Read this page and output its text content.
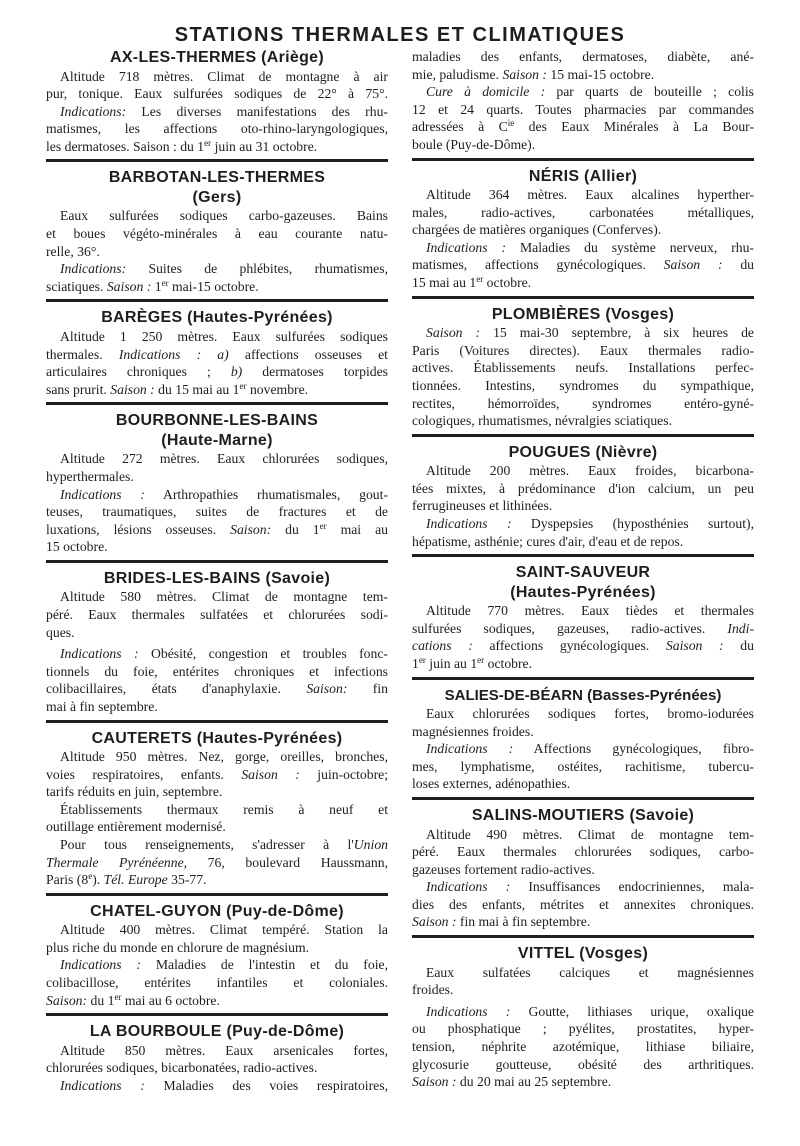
STATIONS THERMALES ET CLIMATIQUES
AX-LES-THERMES (Ariège)
Altitude 718 mètres. Climat de montagne à air
pur, tonique. Eaux sulfurées sodiques de 22° à 75°.
Indications: Les diverses manifestations des rhu-
matismes, les affections oto-rhino-laryngologiques,
les dermatoses. Saison : du 1er juin au 31 octobre.
BARBOTAN-LES-THERMES
(Gers)
Eaux sulfurées sodiques carbo-gazeuses. Bains
et boues végéto-minérales à eau courante natu-
relle, 36°.
Indications: Suites de phlébites, rhumatismes,
sciatiques. Saison : 1er mai-15 octobre.
BARÈGES (Hautes-Pyrénées)
Altitude 1 250 mètres. Eaux sulfurées sodiques
thermales. Indications : a) affections osseuses et
articulaires chroniques ; b) dermatoses torpides
sans prurit. Saison : du 15 mai au 1er novembre.
BOURBONNE-LES-BAINS
(Haute-Marne)
Altitude 272 mètres. Eaux chlorurées sodiques,
hyperthermales.
Indications : Arthropathies rhumatismales, gout-
teuses, traumatiques, suites de fractures et de
luxations, lésions osseuses. Saison: du 1er mai au
15 octobre.
BRIDES-LES-BAINS (Savoie)
Altitude 580 mètres. Climat de montagne tem-
péré. Eaux thermales sulfatées et chlorurées sodi-
ques.
Indications : Obésité, congestion et troubles fonc-
tionnels du foie, entérites chroniques et infections
colibacillaires, états d'anaphylaxie. Saison: fin
mai à fin septembre.
CAUTERETS (Hautes-Pyrénées)
Altitude 950 mètres. Nez, gorge, oreilles, bronches,
voies respiratoires, enfants. Saison : juin-octobre;
tarifs réduits en juin, septembre.
Établissements thermaux remis à neuf et
outillage entièrement modernisé.
Pour tous renseignements, s'adresser à l'Union
Thermale Pyrénéenne, 76, boulevard Haussmann,
Paris (8e). Tél. Europe 35-77.
CHATEL-GUYON (Puy-de-Dôme)
Altitude 400 mètres. Climat tempéré. Station la
plus riche du monde en chlorure de magnésium.
Indications : Maladies de l'intestin et du foie,
colibacillose, entérites infantiles et coloniales.
Saison: du 1er mai au 6 octobre.
LA BOURBOULE (Puy-de-Dôme)
Altitude 850 mètres. Eaux arsenicales fortes,
chlorurées sodiques, bicarbonatées, radio-actives.
Indications : Maladies des voies respiratoires,
maladies des enfants, dermatoses, diabète, ané-
mie, paludisme. Saison : 15 mai-15 octobre.
Cure à domicile : par quarts de bouteille ; colis
12 et 24 quarts. Toutes pharmacies par commandes
adressées à $C^{ie}$ des Eaux Minérales à La Bour-
boule (Puy-de-Dôme).
NÉRIS (Allier)
Altitude 364 mètres. Eaux alcalines hyperther-
males, radio-actives, carbonatées métalliques,
chargées de matières organiques (Conferves).
Indications : Maladies du système nerveux, rhu-
matismes, affections gynécologiques. Saison : du
15 mai au 1er octobre.
PLOMBIÈRES (Vosges)
Saison : 15 mai-30 septembre, à six heures de
Paris (Voitures directes). Eaux thermales radio-
actives. Établissements neufs. Installations perfec-
tionnées. Intestins, syndromes du sympathique,
rectites, hémorroïdes, syndromes entéro-gyné-
cologiques, rhumatismes, névralgies sciatiques.
POUGUES (Nièvre)
Altitude 200 mètres. Eaux froides, bicarbona-
tées mixtes, à prédominance d'ion calcium, un peu
ferrugineuses et lithinées.
Indications : Dyspepsies (hyposthénies surtout),
hépatisme, asthénie; cures d'air, d'eau et de repos.
SAINT-SAUVEUR
(Hautes-Pyrénées)
Altitude 770 mètres. Eaux tièdes et thermales
sulfurées sodiques, gazeuses, radio-actives. Indi-
cations : affections gynécologiques. Saison : du
1er juin au 1er octobre.
SALIES-DE-BÉARN (Basses-Pyrénées)
Eaux chlorurées sodiques fortes, bromo-iodurées
magnésiennes froides.
Indications : Affections gynécologiques, fibro-
mes, lymphatisme, ostéites, rachitisme, tubercu-
loses externes, adénopathies.
SALINS-MOUTIERS (Savoie)
Altitude 490 mètres. Climat de montagne tem-
péré. Eaux thermales chlorurées sodiques, carbo-
gazeuses fortement radio-actives.
Indications : Insuffisances endocriniennes, mala-
dies des enfants, métrites et annexites chroniques.
Saison : fin mai à fin septembre.
VITTEL (Vosges)
Eaux sulfatées calciques et magnésiennes
froides.
Indications : Goutte, lithiases urique, oxalique
ou phosphatique ; pyélites, prostatites, hyper-
tension, néphrite azotémique, lithiase biliaire,
glycosurie goutteuse, obésité des arthritiques.
Saison : du 20 mai au 25 septembre.
